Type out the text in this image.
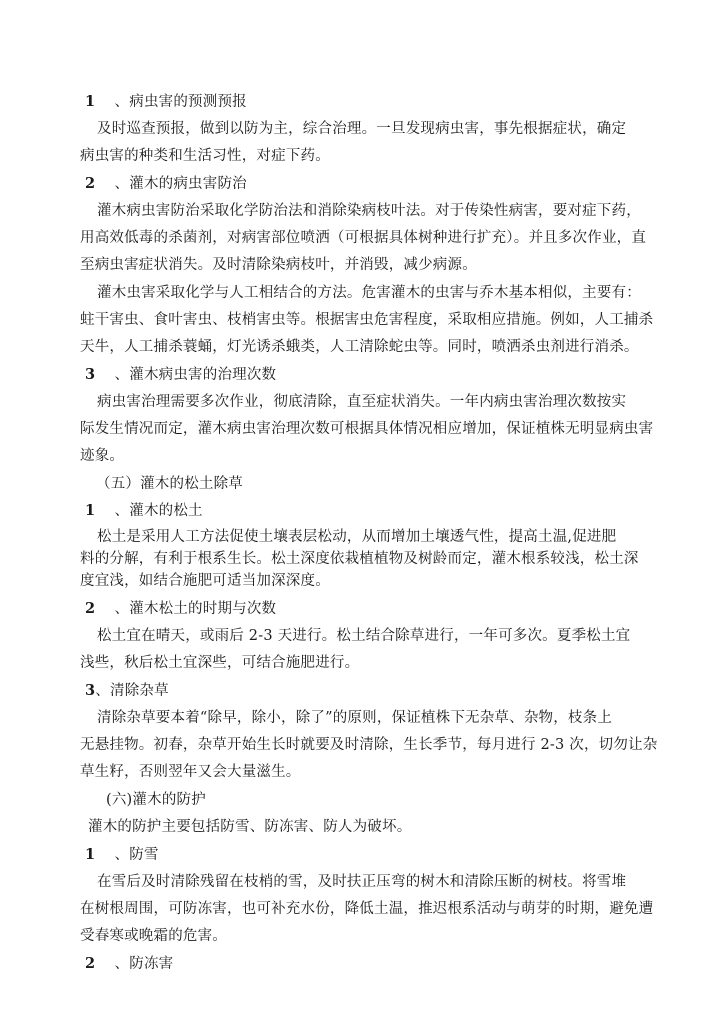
1 、病虫害的预测预报
及时巡查预报，做到以防为主，综合治理。一旦发现病虫害，事先根据症状，确定
病虫害的种类和生活习性，对症下药。
2 、灌木的病虫害防治
灌木病虫害防治采取化学防治法和消除染病枝叶法。对于传染性病害，要对症下药，
用高效低毒的杀菌剂，对病害部位喷洒（可根据具体树种进行扩充）。并且多次作业，直
至病虫害症状消失。及时清除染病枝叶，并消毁，减少病源。
灌木虫害采取化学与人工相结合的方法。危害灌木的虫害与乔木基本相似，主要有：
蛀干害虫、食叶害虫、枝梢害虫等。根据害虫危害程度，采取相应措施。例如，人工捕杀
天牛，人工捕杀蓑蛹，灯光诱杀蛾类，人工清除蛇虫等。同时，喷洒杀虫剂进行消杀。
3 、灌木病虫害的治理次数
病虫害治理需要多次作业，彻底清除，直至症状消失。一年内病虫害治理次数按实
际发生情况而定，灌木病虫害治理次数可根据具体情况相应增加，保证植株无明显病虫害
迹象。
（五）灌木的松土除草
1 、灌木的松土
松土是采用人工方法促使土壤表层松动，从而增加土壤透气性，提高土温,促进肥
料的分解，有利于根系生长。松土深度依栽植植物及树龄而定，灌木根系较浅，松土深
度宜浅，如结合施肥可适当加深深度。
2 、灌木松土的时期与次数
松土宜在晴天，或雨后 2-3 天进行。松土结合除草进行，一年可多次。夏季松土宜
浅些，秋后松土宜深些，可结合施肥进行。
3、清除杂草
清除杂草要本着“除早，除小，除了”的原则，保证植株下无杂草、杂物，枝条上
无悬挂物。初春，杂草开始生长时就要及时清除，生长季节，每月进行 2-3 次，切勿让杂
草生籽，否则翌年又会大量滋生。
(六)灌木的防护
灌木的防护主要包括防雪、防冻害、防人为破坏。
1 、防雪
在雪后及时清除残留在枝梢的雪，及时扶正压弯的树木和清除压断的树枝。将雪堆
在树根周围，可防冻害，也可补充水份，降低土温，推迟根系活动与萌芽的时期，避免遭
受春寒或晚霜的危害。
2 、防冻害
